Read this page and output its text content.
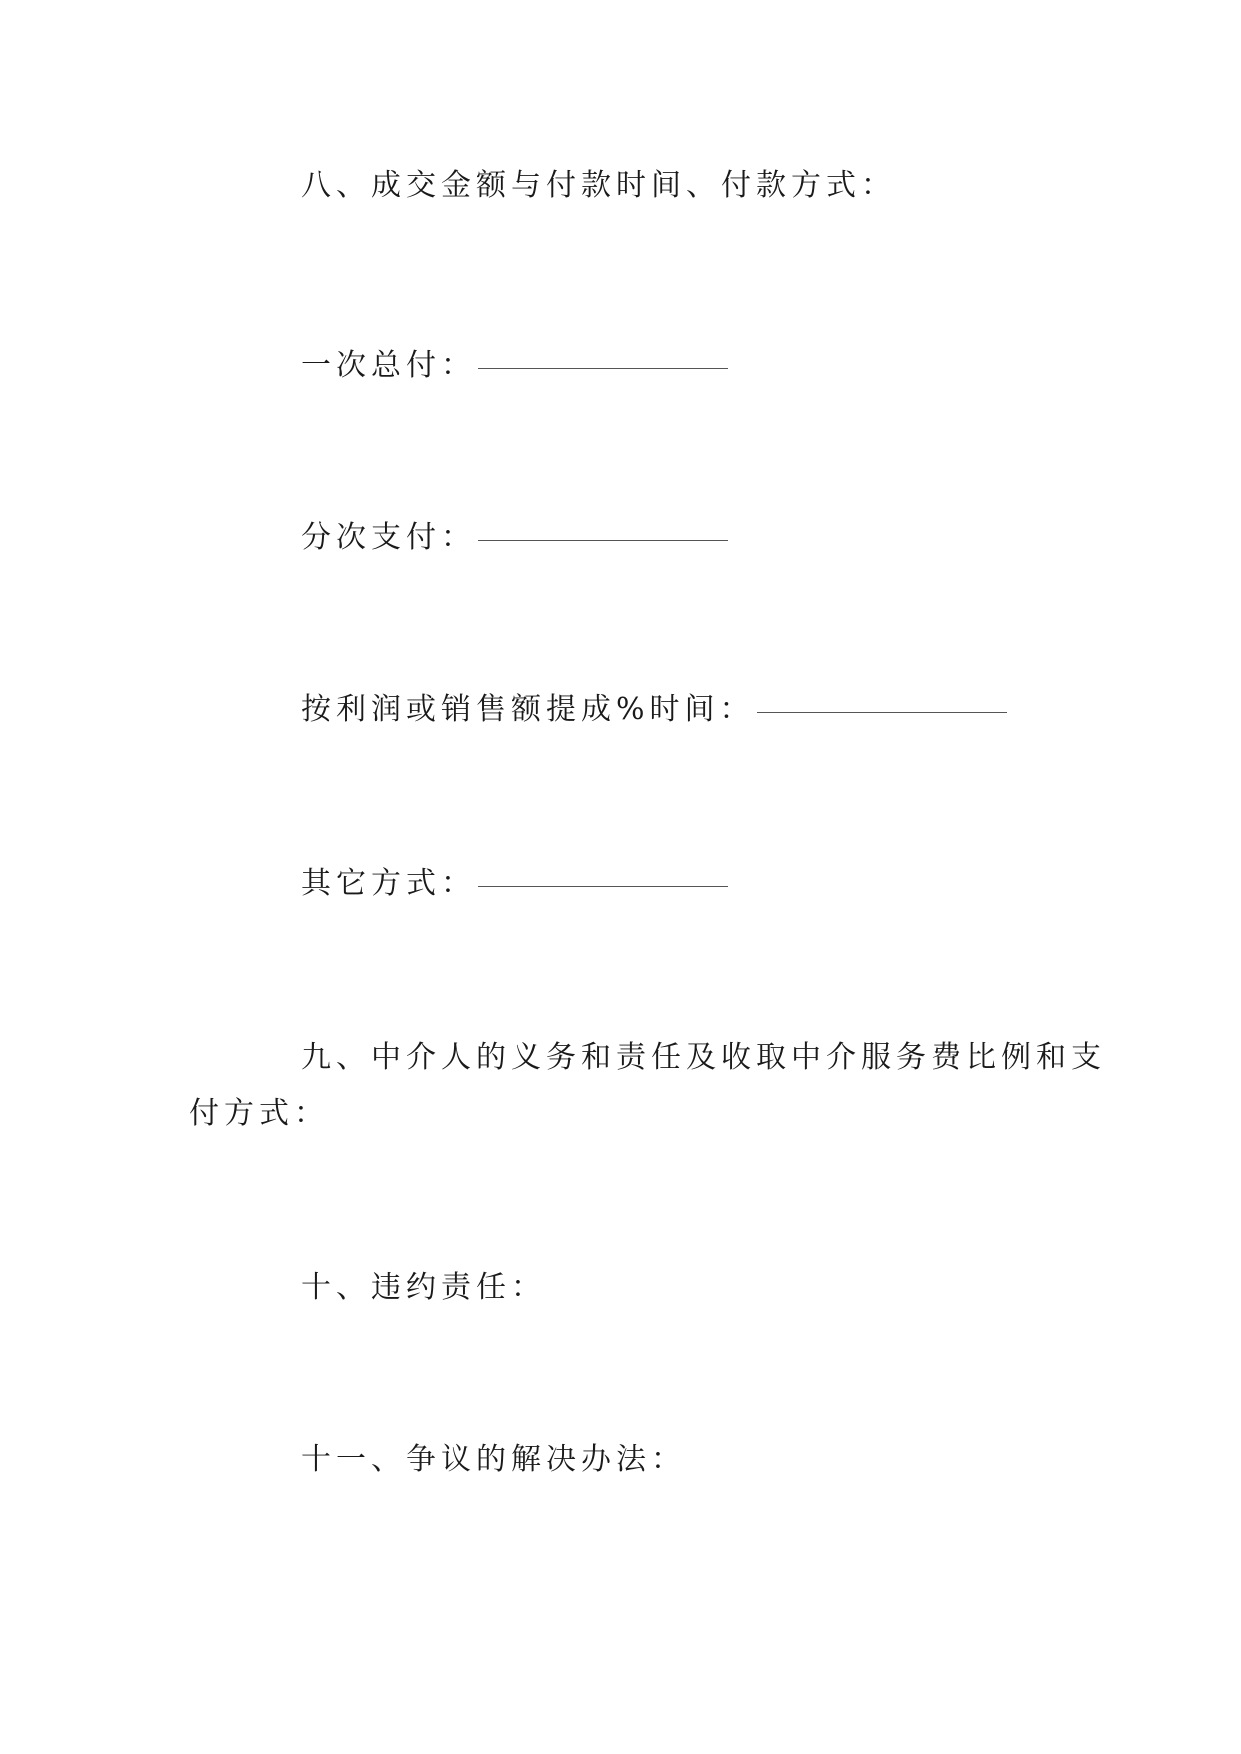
八、成交金额与付款时间、付款方式：
一次总付：
分次支付：
按利润或销售额提成%时间：
其它方式：
九、中介人的义务和责任及收取中介服务费比例和支
付方式：
十、违约责任：
十一、争议的解决办法：
